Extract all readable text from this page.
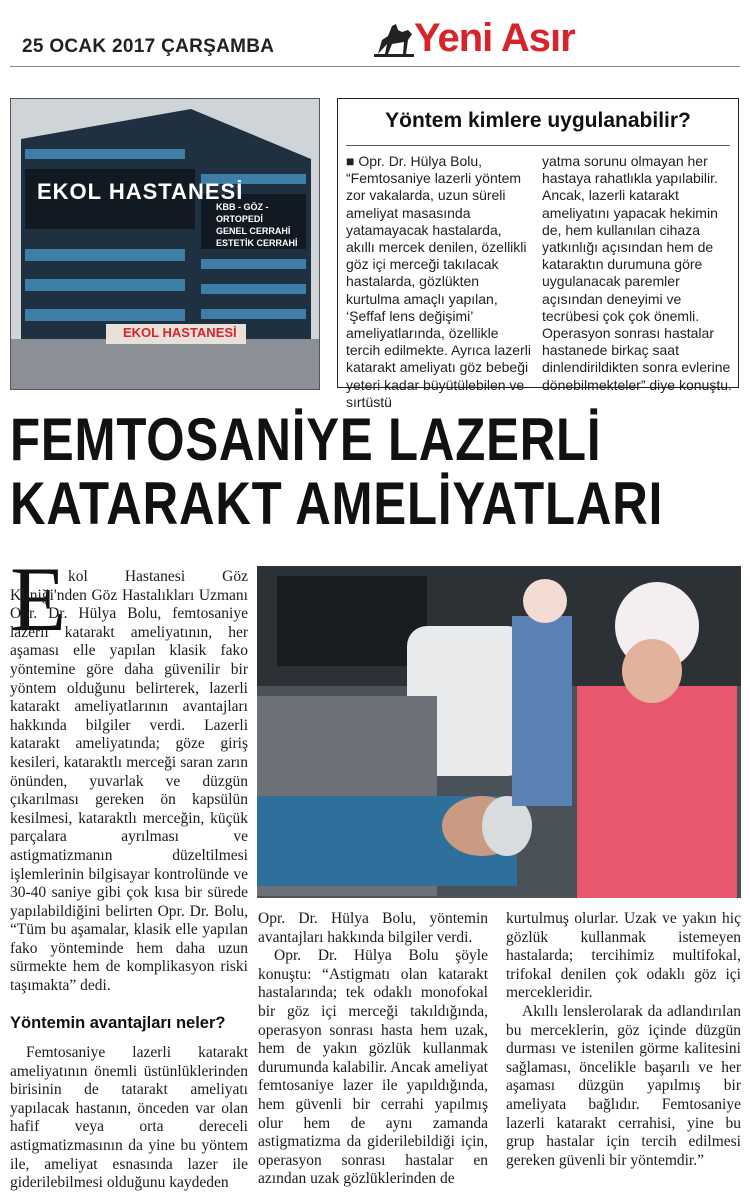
25 OCAK 2017 ÇARŞAMBA	Yeni Asır
EKOL HASTANESİ
KBB - GÖZ - ORTOPEDİ
GENEL CERRAHİ
ESTETİK CERRAHİ
EKOL HASTANESİ
Yöntem kimlere uygulanabilir?
■ Opr. Dr. Hülya Bolu, “Femtosaniye lazerli yöntem zor vakalarda, uzun süreli ameliyat masasında yatamayacak hastalarda, akıllı mercek denilen, özellikli göz içi merceği takılacak hastalarda, gözlükten kurtulma amaçlı yapılan, ‘Şeffaf lens değişimi’ ameliyatlarında, özellikle tercih edilmekte. Ayrıca lazerli katarakt ameliyatı göz bebeği yeteri kadar büyütülebilen ve sırtüstü
yatma sorunu olmayan her hastaya rahatlıkla yapılabilir. Ancak, lazerli katarakt ameliyatını yapacak hekimin de, hem kullanılan cihaza yatkınlığı açısından hem de kataraktın durumuna göre uygulanacak paremler açısından deneyimi ve tecrübesi çok çok önemli. Operasyon sonrası hastalar hastanede birkaç saat dinlendirildikten sonra evlerine dönebilmekteler” diye konuştu.
FEMTOSANİYE LAZERLİ
KATARAKT AMELİYATLARI
E kol Hastanesi Göz Kliniği'nden Göz Hastalıkları Uzmanı Opr. Dr. Hülya Bolu, femtosaniye lazerli katarakt ameliyatının, her aşaması elle yapılan klasik fako yöntemine göre daha güvenilir bir yöntem olduğunu belirterek, lazerli katarakt ameliyatlarının avantajları hakkında bilgiler verdi. Lazerli katarakt ameliyatında; göze giriş kesileri, kataraktlı merceği saran zarın önünden, yuvarlak ve düzgün çıkarılması gereken ön kapsülün kesilmesi, kataraktlı merceğin, küçük parçalara ayrılması ve astigmatizmanın düzeltilmesi işlemlerinin bilgisayar kontrolünde ve 30-40 saniye gibi çok kısa bir sürede yapılabildiğini belirten Opr. Dr. Bolu, “Tüm bu aşamalar, klasik elle yapılan fako yönteminde hem daha uzun sürmekte hem de komplikasyon riski taşımakta” dedi.

Yöntemin avantajları neler?

Femtosaniye lazerli katarakt ameliyatının önemli üstünlüklerinden birisinin de tatarakt ameliyatı yapılacak hastanın, önceden var olan hafif veya orta dereceli astigmatizmasının da yine bu yöntem ile, ameliyat esnasında lazer ile giderilebilmesi olduğunu kaydeden

Opr. Dr. Hülya Bolu, yöntemin avantajları hakkında bilgiler verdi.

Opr. Dr. Hülya Bolu şöyle konuştu: “Astigmatı olan katarakt hastalarında; tek odaklı monofokal bir göz içi merceği takıldığında, operasyon sonrası hasta hem uzak, hem de yakın gözlük kullanmak durumunda kalabilir. Ancak ameliyat femtosaniye lazer ile yapıldığında, hem güvenli bir cerrahi yapılmış olur hem de aynı zamanda astigmatizma da giderilebildiği için, operasyon sonrası hastalar en azından uzak gözlüklerinden de

kurtulmuş olurlar. Uzak ve yakın hiç gözlük kullanmak istemeyen hastalarda; tercihimiz multifokal, trifokal denilen çok odaklı göz içi mercekleridir.

Akıllı lenslerolarak da adlandırılan bu merceklerin, göz içinde düzgün durması ve istenilen görme kalitesini sağlaması, öncelikle başarılı ve her aşaması düzgün yapılmış bir ameliyata bağlıdır. Femtosaniye lazerli katarakt cerrahisi, yine bu grup hastalar için tercih edilmesi gereken güvenli bir yöntemdir.”
